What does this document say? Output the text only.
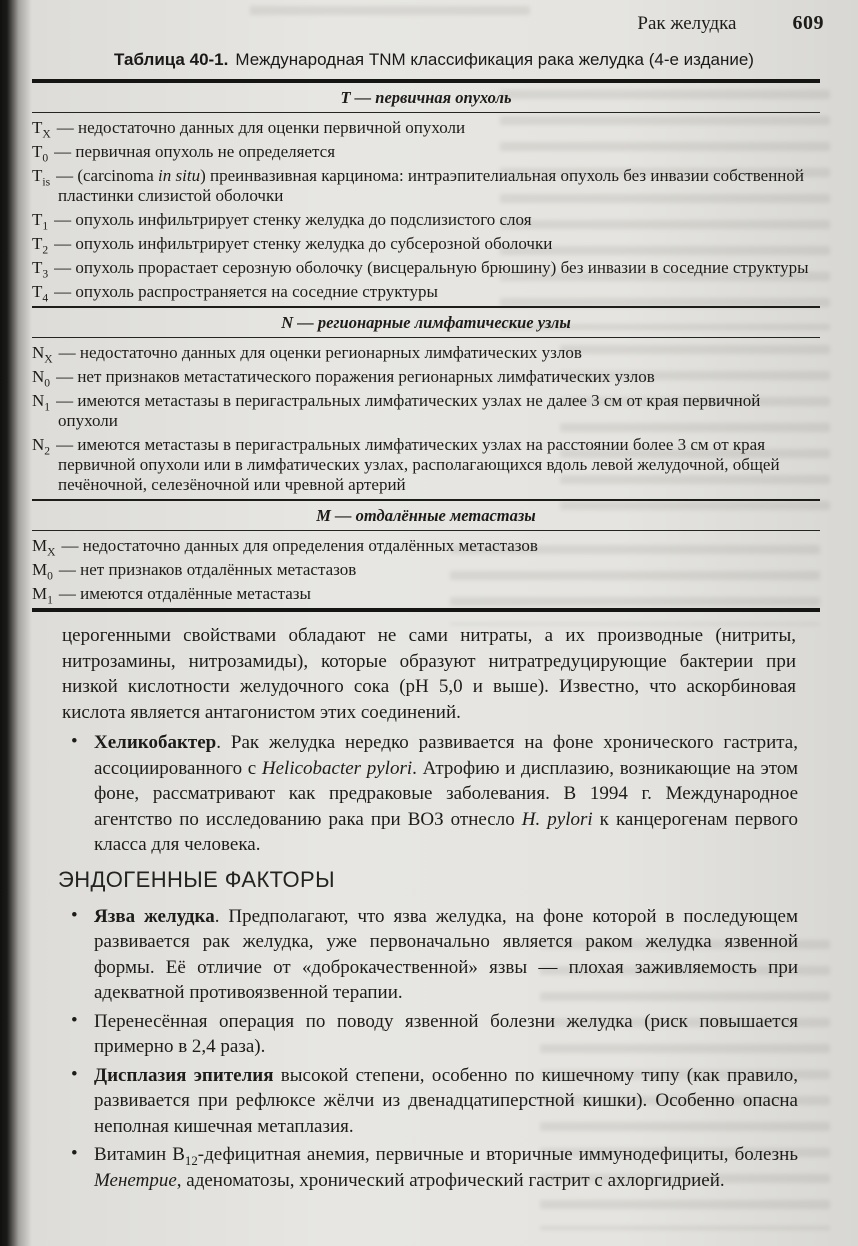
Рак желудка	609
Таблица 40-1. Международная TNM классификация рака желудка (4-е издание)
Т — первичная опухоль
$Т_X$ — недостаточно данных для оценки первичной опухоли
$Т_0$ — первичная опухоль не определяется
$Т_{is}$ — (carcinoma in situ) преинвазивная карцинома: интраэпителиальная опухоль без инвазии собственной пластинки слизистой оболочки
$Т_1$ — опухоль инфильтрирует стенку желудка до подслизистого слоя
$Т_2$ — опухоль инфильтрирует стенку желудка до субсерозной оболочки
$Т_3$ — опухоль прорастает серозную оболочку (висцеральную брюшину) без инвазии в соседние структуры
$Т_4$ — опухоль распространяется на соседние структуры
N — регионарные лимфатические узлы
$N_X$ — недостаточно данных для оценки регионарных лимфатических узлов
$N_0$ — нет признаков метастатического поражения регионарных лимфатических узлов
$N_1$ — имеются метастазы в перигастральных лимфатических узлах не далее 3 см от края первичной опухоли
$N_2$ — имеются метастазы в перигастральных лимфатических узлах на расстоянии более 3 см от края первичной опухоли или в лимфатических узлах, располагающихся вдоль левой желудочной, общей печёночной, селезёночной или чревной артерий
М — отдалённые метастазы
$М_X$ — недостаточно данных для определения отдалённых метастазов
$М_0$ — нет признаков отдалённых метастазов
$М_1$ — имеются отдалённые метастазы
церогенными свойствами обладают не сами нитраты, а их производные (нитриты, нитрозамины, нитрозамиды), которые образуют нитратредуцирующие бактерии при низкой кислотности желудочного сока (рН 5,0 и выше). Известно, что аскорбиновая кислота является антагонистом этих соединений.
• Хеликобактер. Рак желудка нередко развивается на фоне хронического гастрита, ассоциированного с Helicobacter pylori. Атрофию и дисплазию, возникающие на этом фоне, рассматривают как предраковые заболевания. В 1994 г. Международное агентство по исследованию рака при ВОЗ отнесло H. pylori к канцерогенам первого класса для человека.
ЭНДОГЕННЫЕ ФАКТОРЫ
• Язва желудка. Предполагают, что язва желудка, на фоне которой в последующем развивается рак желудка, уже первоначально является раком желудка язвенной формы. Её отличие от «доброкачественной» язвы — плохая заживляемость при адекватной противоязвенной терапии.
• Перенесённая операция по поводу язвенной болезни желудка (риск повышается примерно в 2,4 раза).
• Дисплазия эпителия высокой степени, особенно по кишечному типу (как правило, развивается при рефлюксе жёлчи из двенадцатиперстной кишки). Особенно опасна неполная кишечная метаплазия.
• Витамин $В_{12}$-дефицитная анемия, первичные и вторичные иммунодефициты, болезнь Менетрие, аденоматозы, хронический атрофический гастрит с ахлоргидрией.
